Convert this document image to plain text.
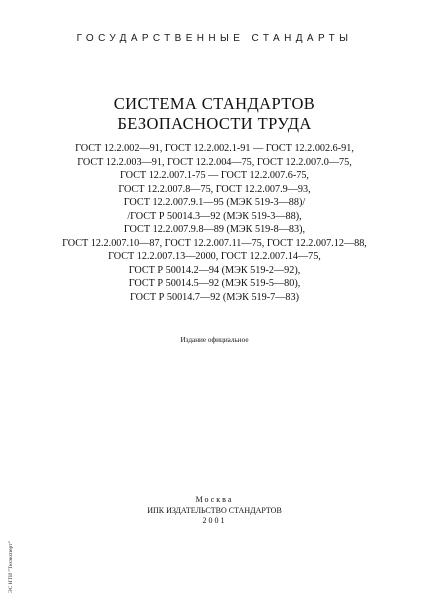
ГОСУДАРСТВЕННЫЕ СТАНДАРТЫ
СИСТЕМА СТАНДАРТОВ
БЕЗОПАСНОСТИ ТРУДА
ГОСТ 12.2.002—91, ГОСТ 12.2.002.1-91 — ГОСТ 12.2.002.6-91,
ГОСТ 12.2.003—91, ГОСТ 12.2.004—75, ГОСТ 12.2.007.0—75,
ГОСТ 12.2.007.1-75 — ГОСТ 12.2.007.6-75,
ГОСТ 12.2.007.8—75, ГОСТ 12.2.007.9—93,
ГОСТ 12.2.007.9.1—95 (МЭК 519-3—88)/
/ГОСТ Р 50014.3—92 (МЭК 519-3—88),
ГОСТ 12.2.007.9.8—89 (МЭК 519-8—83),
ГОСТ 12.2.007.10—87, ГОСТ 12.2.007.11—75, ГОСТ 12.2.007.12—88,
ГОСТ 12.2.007.13—2000, ГОСТ 12.2.007.14—75,
ГОСТ Р 50014.2—94 (МЭК 519-2—92),
ГОСТ Р 50014.5—92 (МЭК 519-5—80),
ГОСТ Р 50014.7—92 (МЭК 519-7—83)
Издание официальное
Москва
ИПК ИЗДАТЕЛЬСТВО СТАНДАРТОВ
2001
ЭС НТИ "Техэксперт"
